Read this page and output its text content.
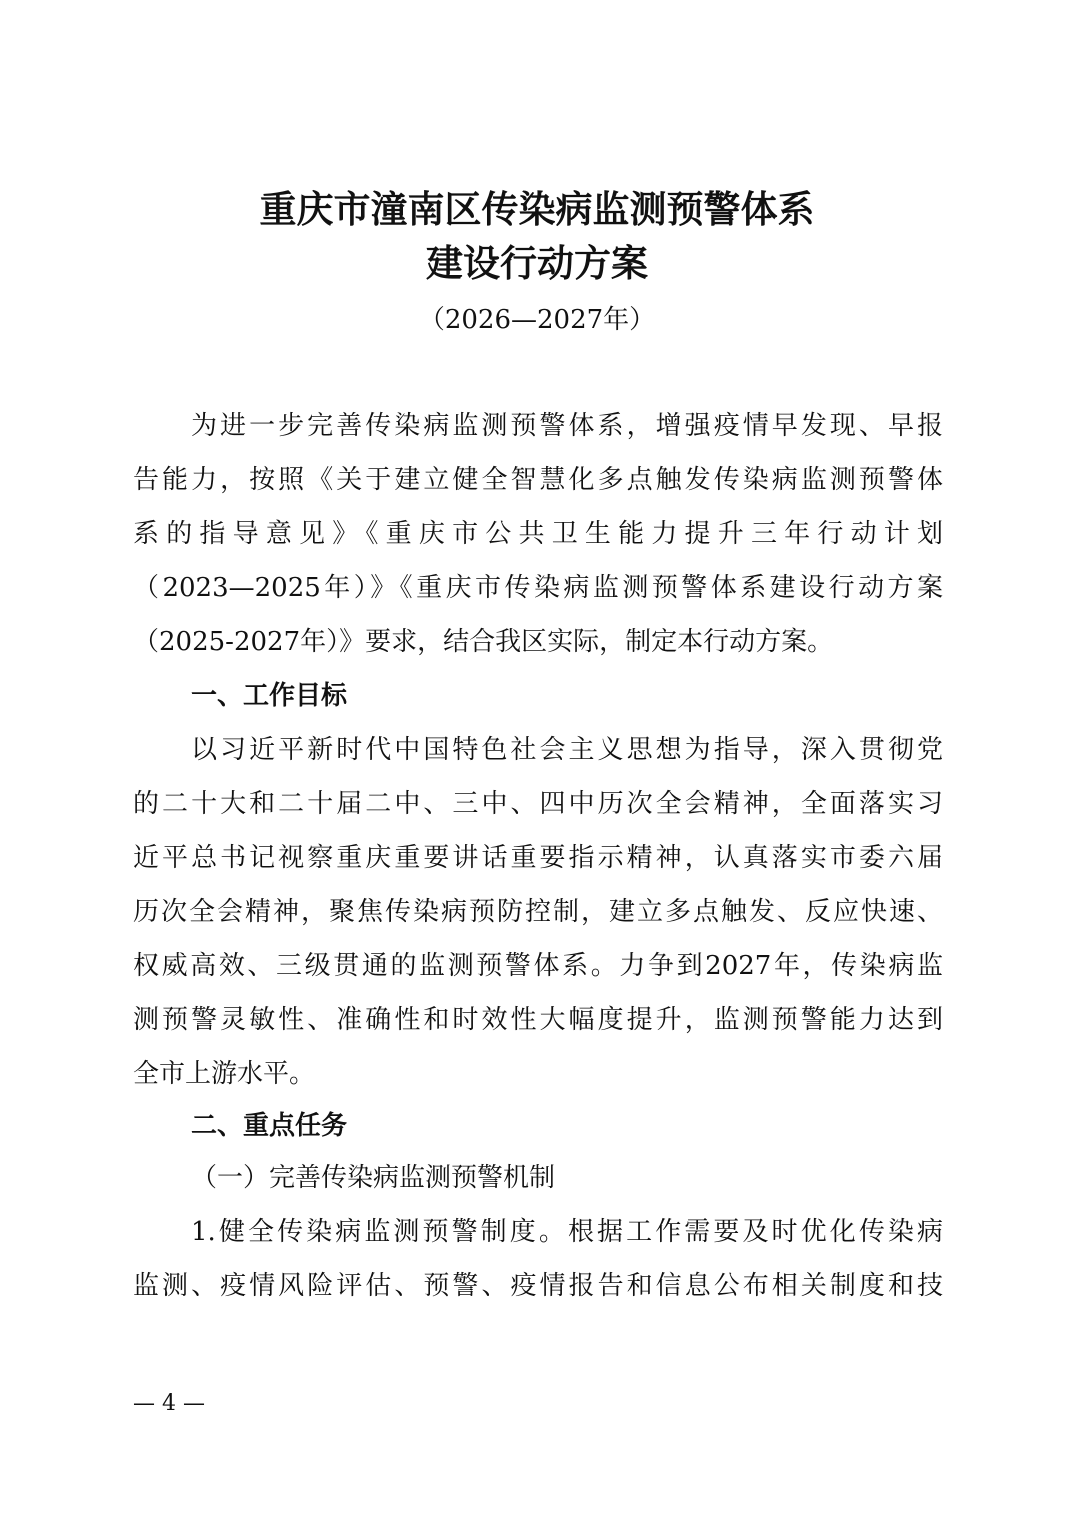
重庆市潼南区传染病监测预警体系
建设行动方案

（2026—2027年）

为进一步完善传染病监测预警体系，增强疫情早发现、早报

告能力，按照《关于建立健全智慧化多点触发传染病监测预警体

系的指导意见》《重庆市公共卫生能力提升三年行动计划

（2023—2025年）》《重庆市传染病监测预警体系建设行动方案

（2025-2027年）》要求，结合我区实际，制定本行动方案。

一、工作目标

以习近平新时代中国特色社会主义思想为指导，深入贯彻党

的二十大和二十届二中、三中、四中历次全会精神，全面落实习

近平总书记视察重庆重要讲话重要指示精神，认真落实市委六届

历次全会精神，聚焦传染病预防控制，建立多点触发、反应快速、

权威高效、三级贯通的监测预警体系。力争到2027年，传染病监

测预警灵敏性、准确性和时效性大幅度提升，监测预警能力达到

全市上游水平。

二、重点任务

（一）完善传染病监测预警机制

1.健全传染病监测预警制度。根据工作需要及时优化传染病

监测、疫情风险评估、预警、疫情报告和信息公布相关制度和技

— 4 —
